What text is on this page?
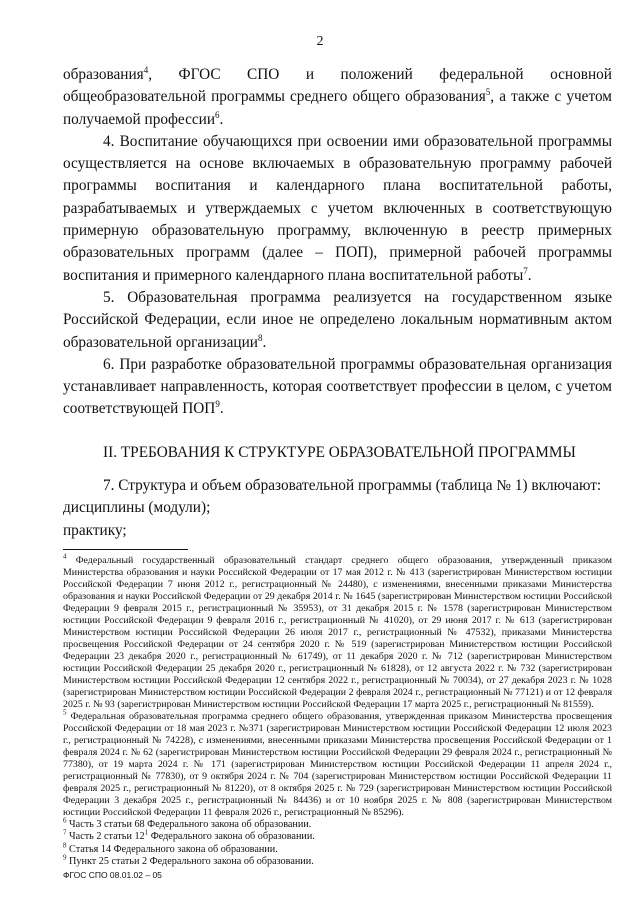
2

образования$^4$, ФГОС СПО и положений федеральной основной общеобразовательной программы среднего общего образования$^5$, а также с учетом получаемой профессии$^6$.

4. Воспитание обучающихся при освоении ими образовательной программы осуществляется на основе включаемых в образовательную программу рабочей программы воспитания и календарного плана воспитательной работы, разрабатываемых и утверждаемых с учетом включенных в соответствующую примерную образовательную программу, включенную в реестр примерных образовательных программ (далее – ПОП), примерной рабочей программы воспитания и примерного календарного плана воспитательной работы$^7$.

5. Образовательная программа реализуется на государственном языке Российской Федерации, если иное не определено локальным нормативным актом образовательной организации$^8$.

6. При разработке образовательной программы образовательная организация устанавливает направленность, которая соответствует профессии в целом, с учетом соответствующей ПОП$^9$.

II. ТРЕБОВАНИЯ К СТРУКТУРЕ ОБРАЗОВАТЕЛЬНОЙ ПРОГРАММЫ

7. Структура и объем образовательной программы (таблица № 1) включают:

дисциплины (модули);

практику;

$^4$ Федеральный государственный образовательный стандарт среднего общего образования, утвержденный приказом Министерства образования и науки Российской Федерации от 17 мая 2012 г. № 413 (зарегистрирован Министерством юстиции Российской Федерации 7 июня 2012 г., регистрационный № 24480), с изменениями, внесенными приказами Министерства образования и науки Российской Федерации от 29 декабря 2014 г. № 1645 (зарегистрирован Министерством юстиции Российской Федерации 9 февраля 2015 г., регистрационный № 35953), от 31 декабря 2015 г. № 1578 (зарегистрирован Министерством юстиции Российской Федерации 9 февраля 2016 г., регистрационный № 41020), от 29 июня 2017 г. № 613 (зарегистрирован Министерством юстиции Российской Федерации 26 июля 2017 г., регистрационный № 47532), приказами Министерства просвещения Российской Федерации от 24 сентября 2020 г. № 519 (зарегистрирован Министерством юстиции Российской Федерации 23 декабря 2020 г., регистрационный № 61749), от 11 декабря 2020 г. № 712 (зарегистрирован Министерством юстиции Российской Федерации 25 декабря 2020 г., регистрационный № 61828), от 12 августа 2022 г. № 732 (зарегистрирован Министерством юстиции Российской Федерации 12 сентября 2022 г., регистрационный № 70034), от 27 декабря 2023 г. № 1028 (зарегистрирован Министерством юстиции Российской Федерации 2 февраля 2024 г., регистрационный № 77121) и от 12 февраля 2025 г. № 93 (зарегистрирован Министерством юстиции Российской Федерации 17 марта 2025 г., регистрационный № 81559).

$^5$ Федеральная образовательная программа среднего общего образования, утвержденная приказом Министерства просвещения Российской Федерации от 18 мая 2023 г. №371 (зарегистрирован Министерством юстиции Российской Федерации 12 июля 2023 г., регистрационный № 74228), с изменениями, внесенными приказами Министерства просвещения Российской Федерации от 1 февраля 2024 г. № 62 (зарегистрирован Министерством юстиции Российской Федерации 29 февраля 2024 г., регистрационный № 77380), от 19 марта 2024 г. № 171 (зарегистрирован Министерством юстиции Российской Федерации 11 апреля 2024 г., регистрационный № 77830), от 9 октября 2024 г. № 704 (зарегистрирован Министерством юстиции Российской Федерации 11 февраля 2025 г., регистрационный № 81220), от 8 октября 2025 г. № 729 (зарегистрирован Министерством юстиции Российской Федерации 3 декабря 2025 г., регистрационный № 84436) и от 10 ноября 2025 г. № 808 (зарегистрирован Министерством юстиции Российской Федерации 11 февраля 2026 г., регистрационный № 85296).

$^6$ Часть 3 статьи 68 Федерального закона об образовании.

$^7$ Часть 2 статьи $12^1$ Федерального закона об образовании.

$^8$ Статья 14 Федерального закона об образовании.

$^9$ Пункт 25 статьи 2 Федерального закона об образовании.

ФГОС СПО 08.01.02 – 05
